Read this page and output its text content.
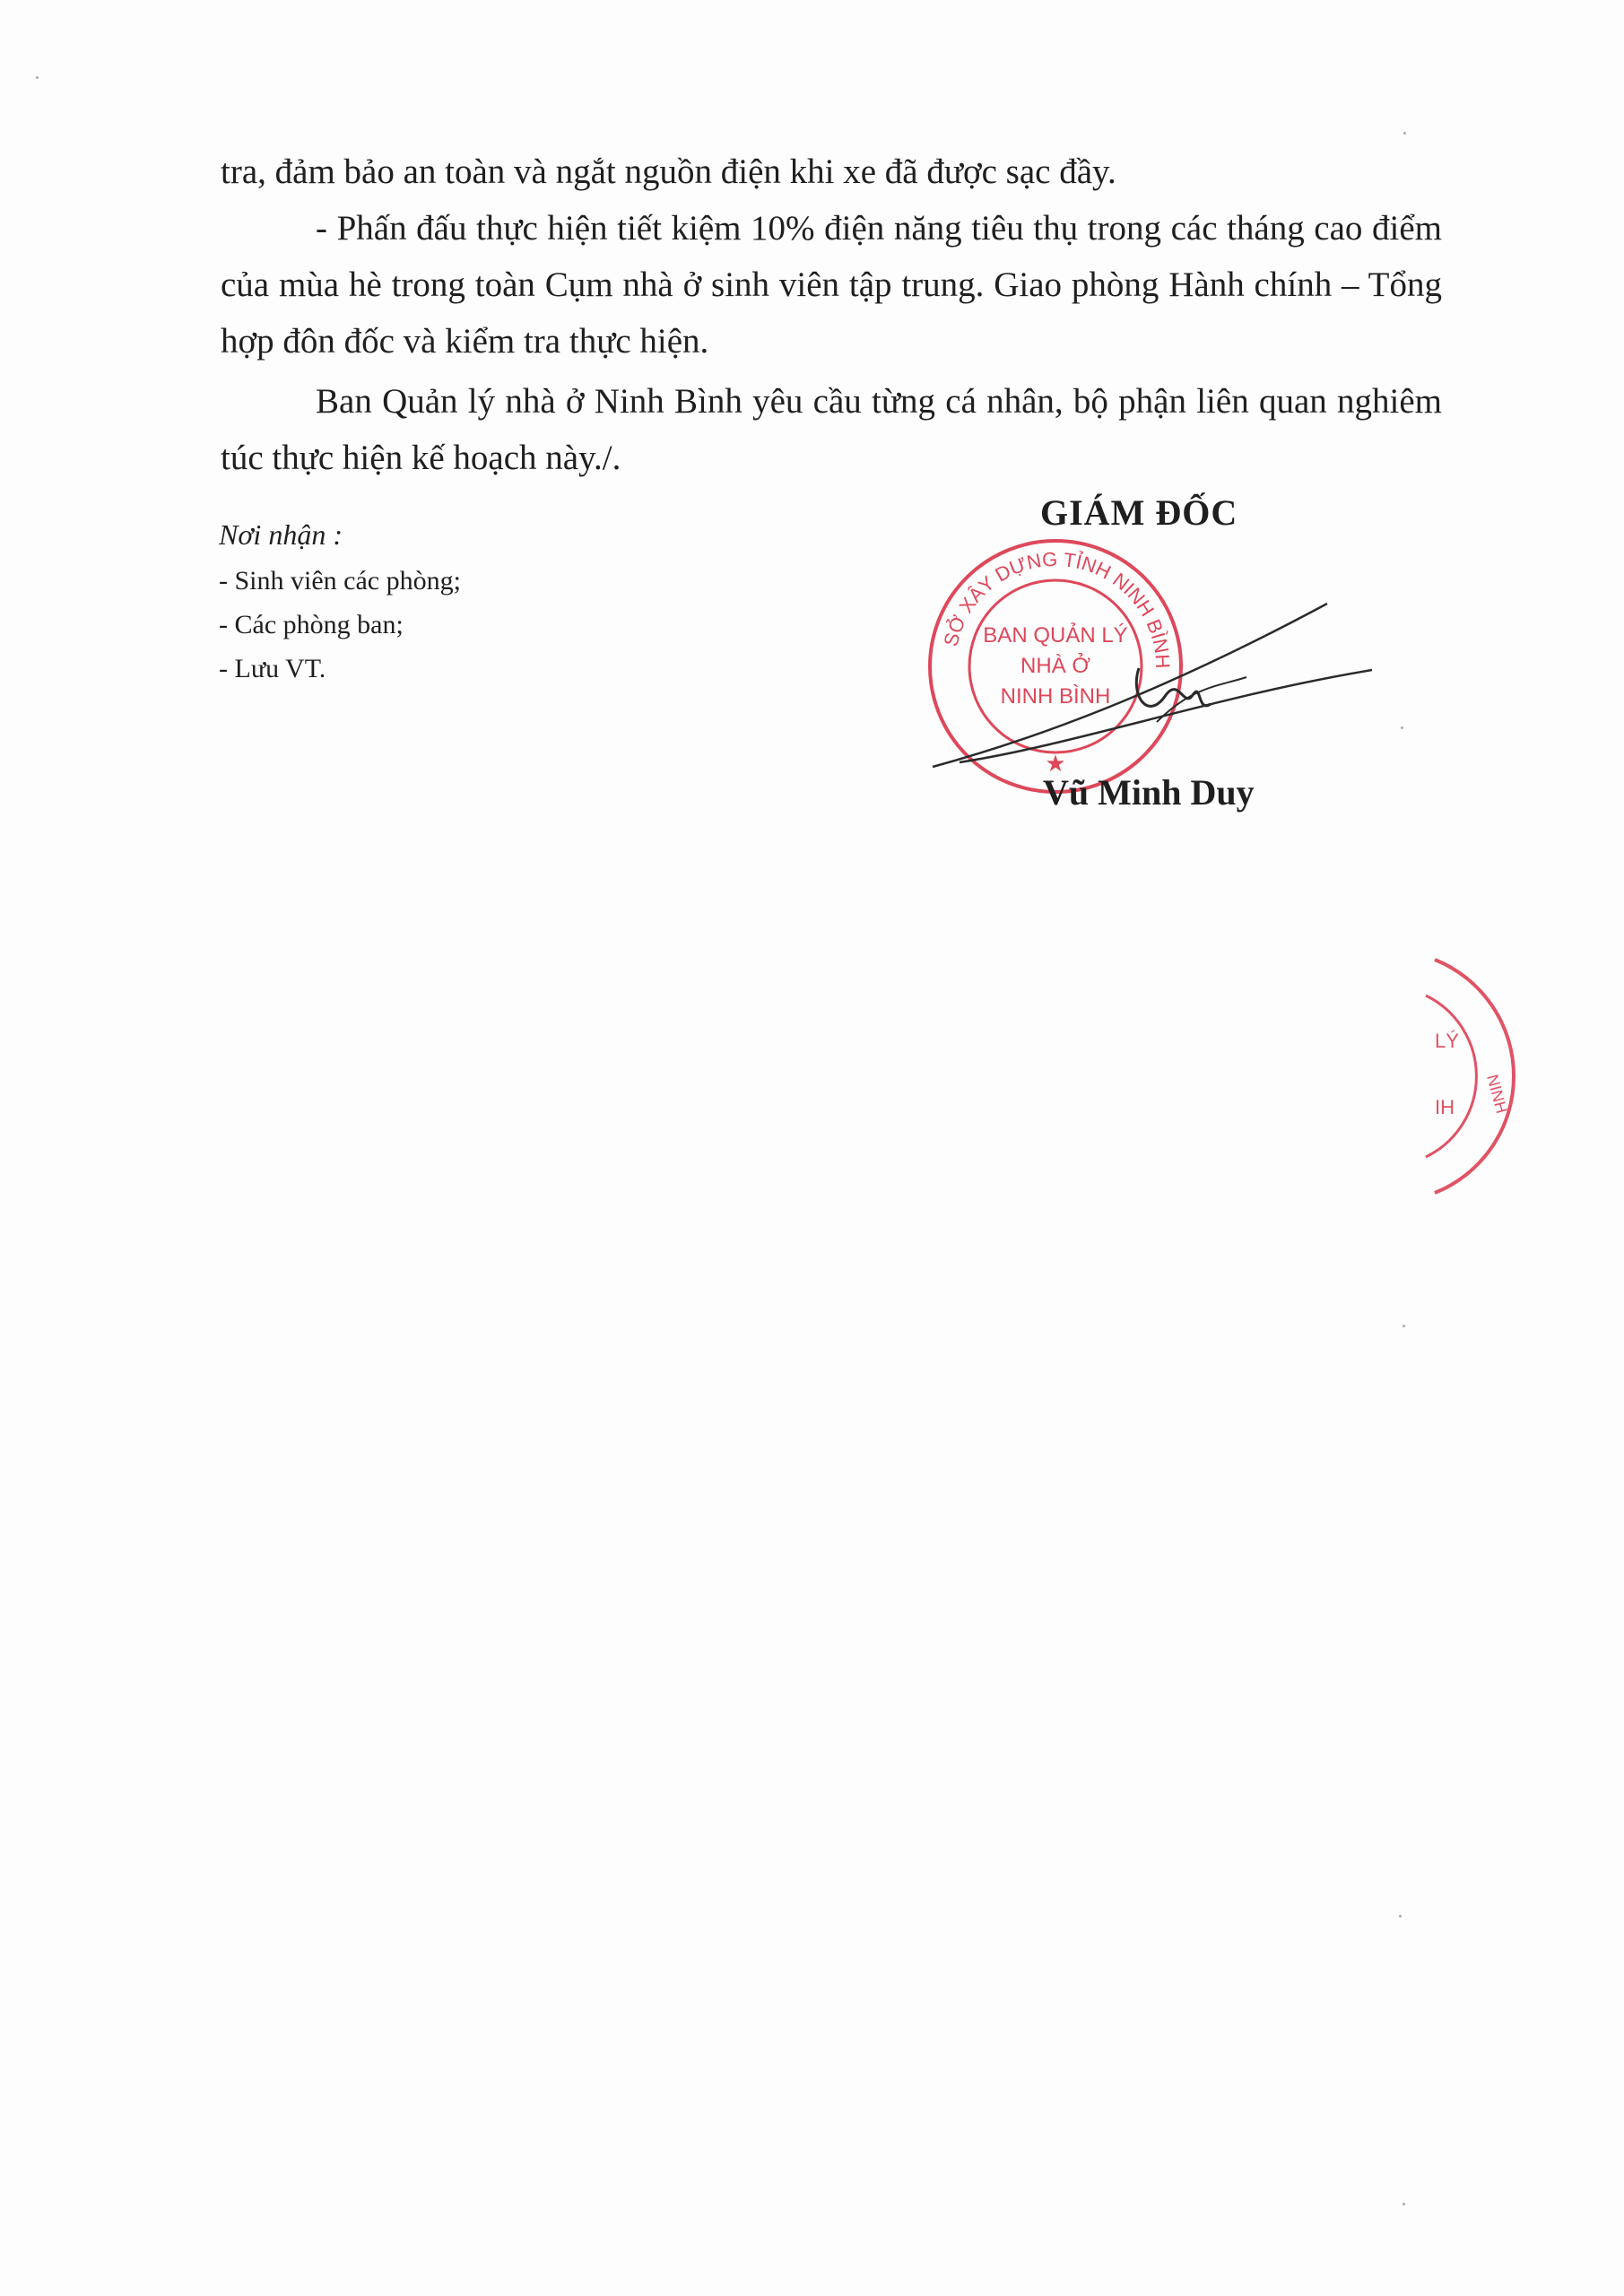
tra, đảm bảo an toàn và ngắt nguồn điện khi xe đã được sạc đầy.

- Phấn đấu thực hiện tiết kiệm 10% điện năng tiêu thụ trong các tháng cao điểm của mùa hè trong toàn Cụm nhà ở sinh viên tập trung. Giao phòng Hành chính – Tổng hợp đôn đốc và kiểm tra thực hiện.

Ban Quản lý nhà ở Ninh Bình yêu cầu từng cá nhân, bộ phận liên quan nghiêm túc thực hiện kế hoạch này./.

Nơi nhận :
- Sinh viên các phòng;
- Các phòng ban;
- Lưu VT.
GIÁM ĐỐC
SỞ XÂY DỰNG TỈNH NINH BÌNH
BAN QUẢN LÝ
NHÀ Ở
NINH BÌNH
★
Vũ Minh Duy
LÝ
IH NINH
